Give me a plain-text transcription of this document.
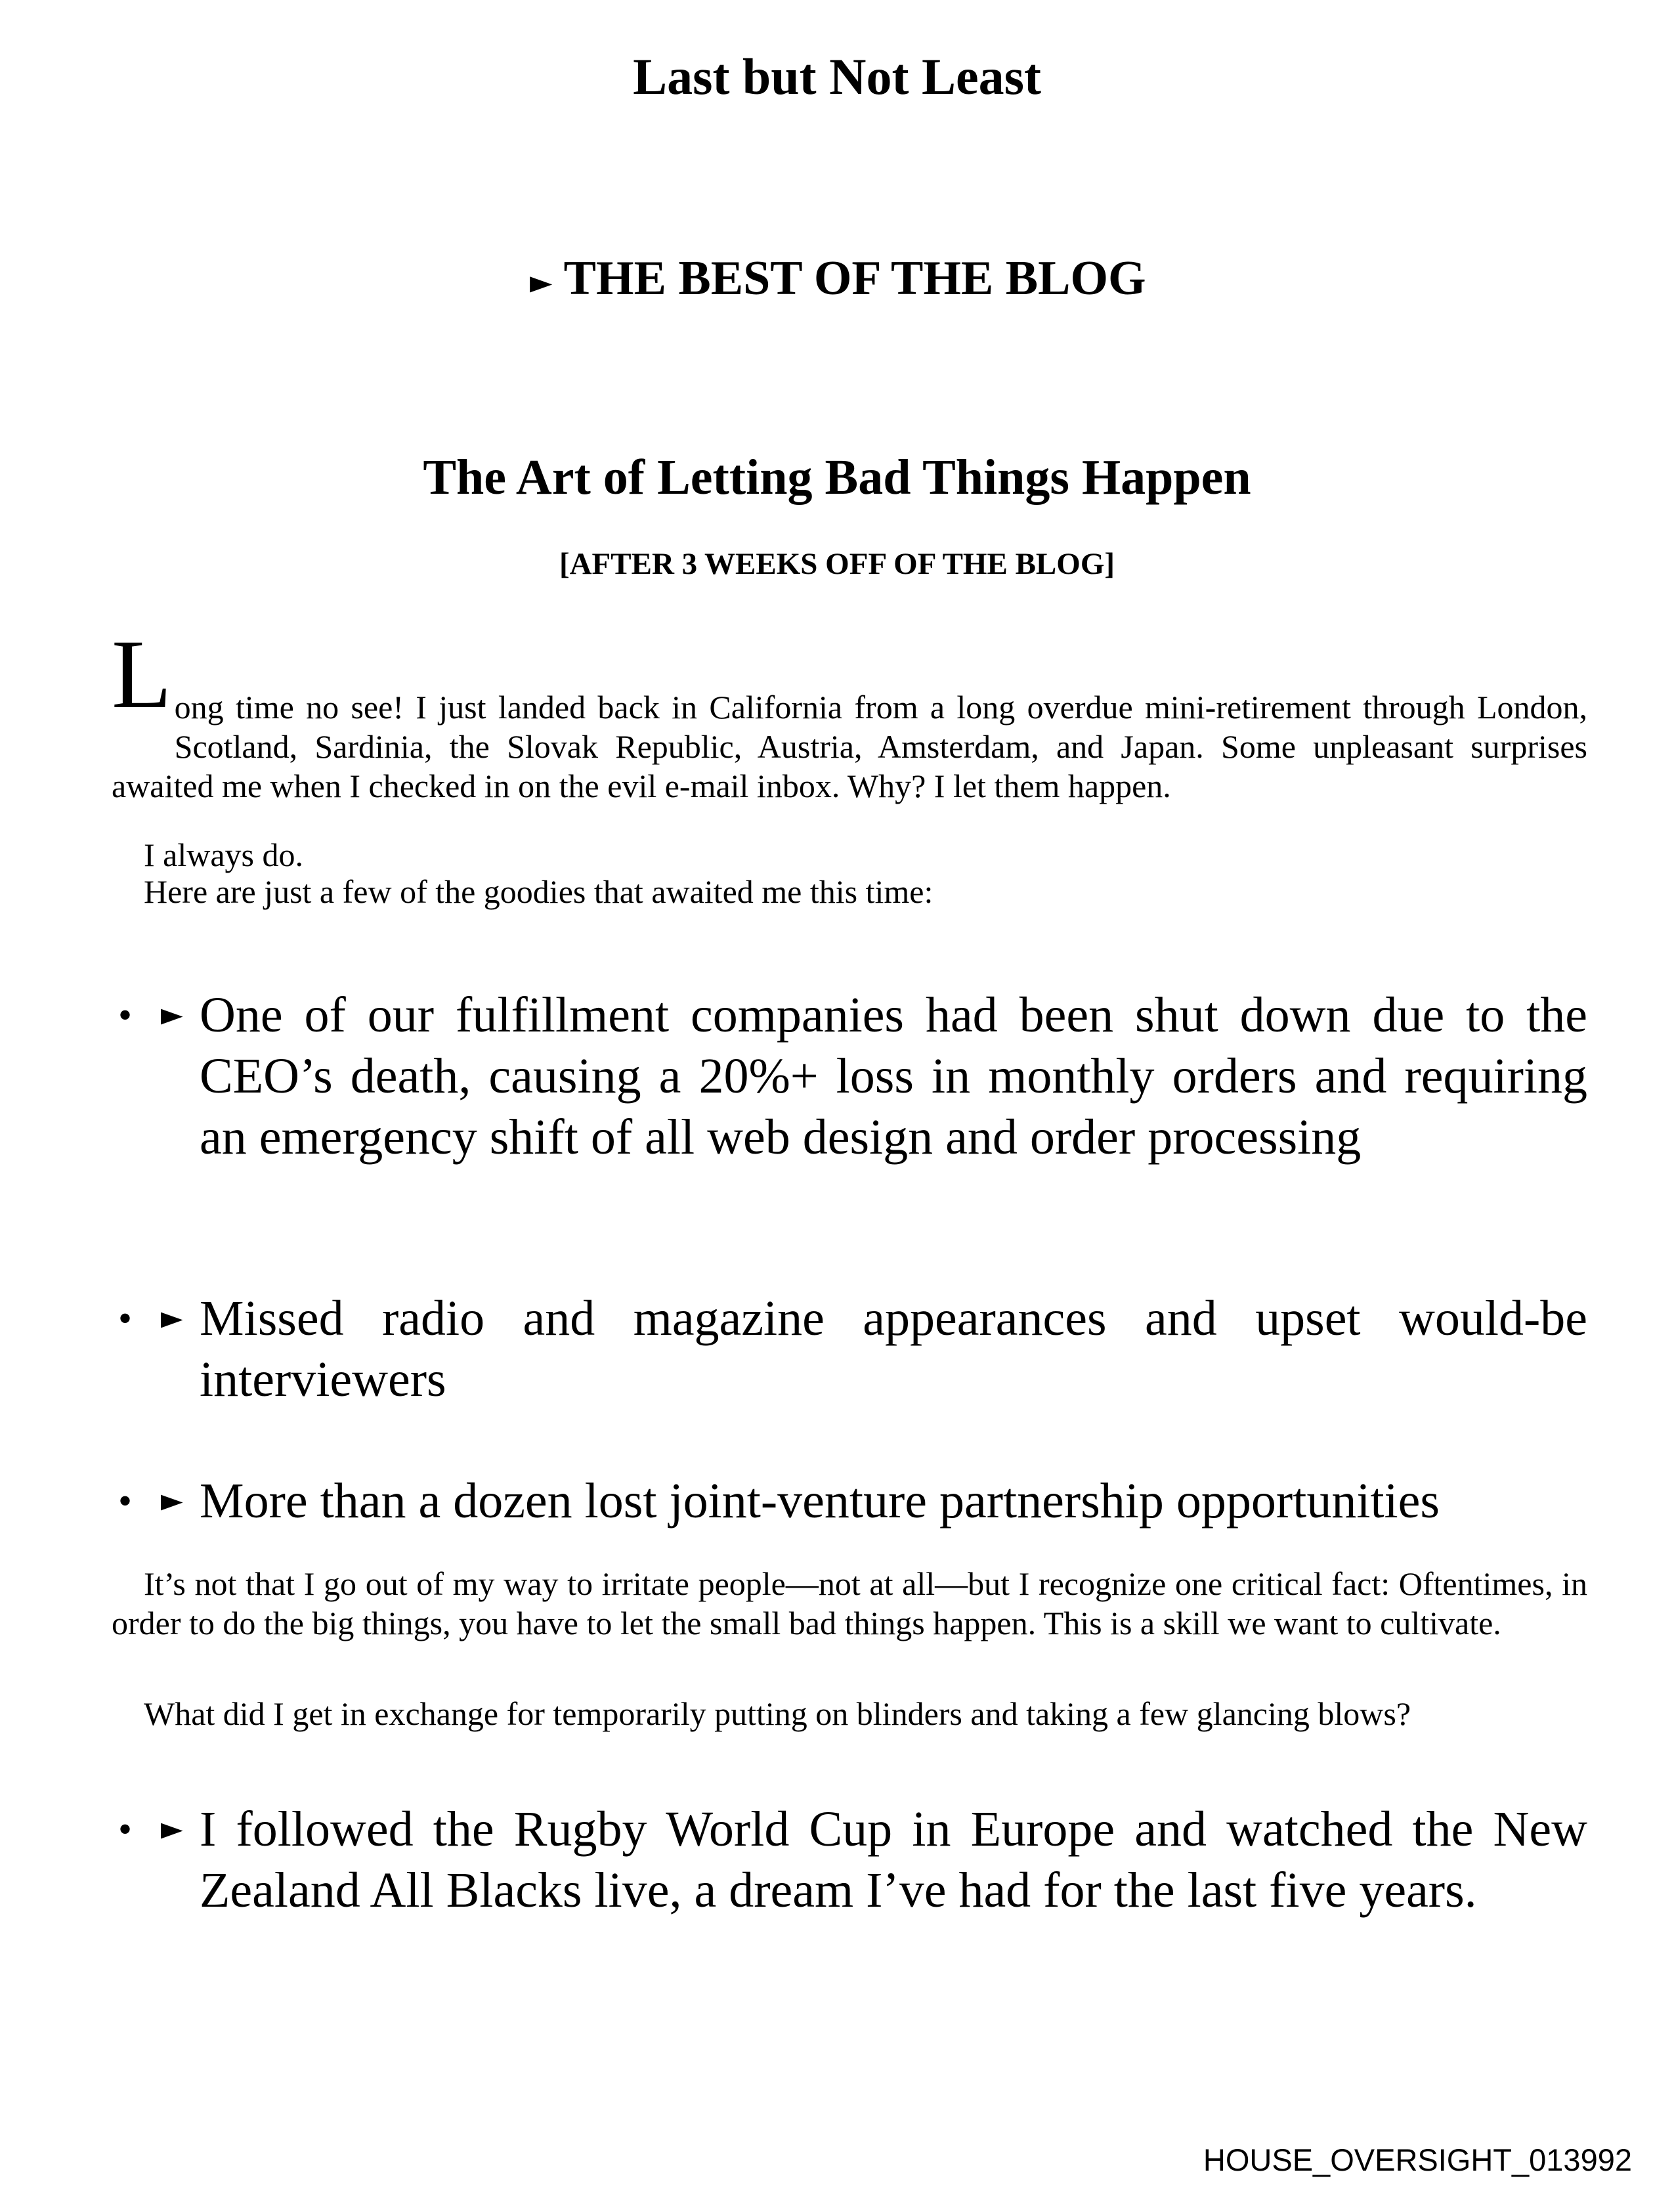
Last but Not Least
►THE BEST OF THE BLOG
The Art of Letting Bad Things Happen
[AFTER 3 WEEKS OFF OF THE BLOG]

Long time no see! I just landed back in California from a long overdue mini-retirement through London, Scotland, Sardinia, the Slovak Republic, Austria, Amsterdam, and Japan. Some unpleasant surprises awaited me when I checked in on the evil e-mail inbox. Why? I let them happen.

I always do.

Here are just a few of the goodies that awaited me this time:

• ► One of our fulfillment companies had been shut down due to the CEO’s death, causing a 20%+ loss in monthly orders and requiring an emergency shift of all web design and order processing
• ► Missed radio and magazine appearances and upset would-be interviewers
• ► More than a dozen lost joint-venture partnership opportunities

It’s not that I go out of my way to irritate people—not at all—but I recognize one critical fact: Oftentimes, in order to do the big things, you have to let the small bad things happen. This is a skill we want to cultivate.

What did I get in exchange for temporarily putting on blinders and taking a few glancing blows?

• ► I followed the Rugby World Cup in Europe and watched the New Zealand All Blacks live, a dream I’ve had for the last five years.
HOUSE_OVERSIGHT_013992
